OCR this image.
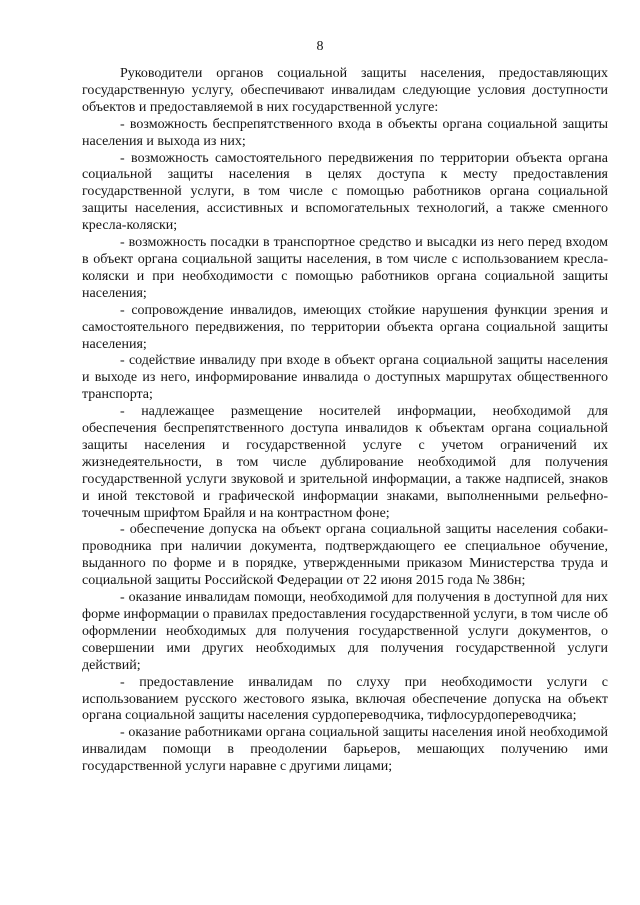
8

Руководители органов социальной защиты населения, предоставляющих государственную услугу, обеспечивают инвалидам следующие условия доступности объектов и предоставляемой в них государственной услуге:

- возможность беспрепятственного входа в объекты органа социальной защиты населения и выхода из них;

- возможность самостоятельного передвижения по территории объекта органа социальной защиты населения в целях доступа к месту предоставления государственной услуги, в том числе с помощью работников органа социальной защиты населения, ассистивных и вспомогательных технологий, а также сменного кресла-коляски;

- возможность посадки в транспортное средство и высадки из него перед входом в объект органа социальной защиты населения, в том числе с использованием кресла-коляски и при необходимости с помощью работников органа социальной защиты населения;

- сопровождение инвалидов, имеющих стойкие нарушения функции зрения и самостоятельного передвижения, по территории объекта органа социальной защиты населения;

- содействие инвалиду при входе в объект органа социальной защиты населения и выходе из него, информирование инвалида о доступных маршрутах общественного транспорта;

- надлежащее размещение носителей информации, необходимой для обеспечения беспрепятственного доступа инвалидов к объектам органа социальной защиты населения и государственной услуге с учетом ограничений их жизнедеятельности, в том числе дублирование необходимой для получения государственной услуги звуковой и зрительной информации, а также надписей, знаков и иной текстовой и графической информации знаками, выполненными рельефно-точечным шрифтом Брайля и на контрастном фоне;

- обеспечение допуска на объект органа социальной защиты населения собаки-проводника при наличии документа, подтверждающего ее специальное обучение, выданного по форме и в порядке, утвержденными приказом Министерства труда и социальной защиты Российской Федерации от 22 июня 2015 года № 386н;

- оказание инвалидам помощи, необходимой для получения в доступной для них форме информации о правилах предоставления государственной услуги, в том числе об оформлении необходимых для получения государственной услуги документов, о совершении ими других необходимых для получения государственной услуги действий;

- предоставление инвалидам по слуху при необходимости услуги с использованием русского жестового языка, включая обеспечение допуска на объект органа социальной защиты населения сурдопереводчика, тифлосурдопереводчика;

- оказание работниками органа социальной защиты населения иной необходимой инвалидам помощи в преодолении барьеров, мешающих получению ими государственной услуги наравне с другими лицами;
